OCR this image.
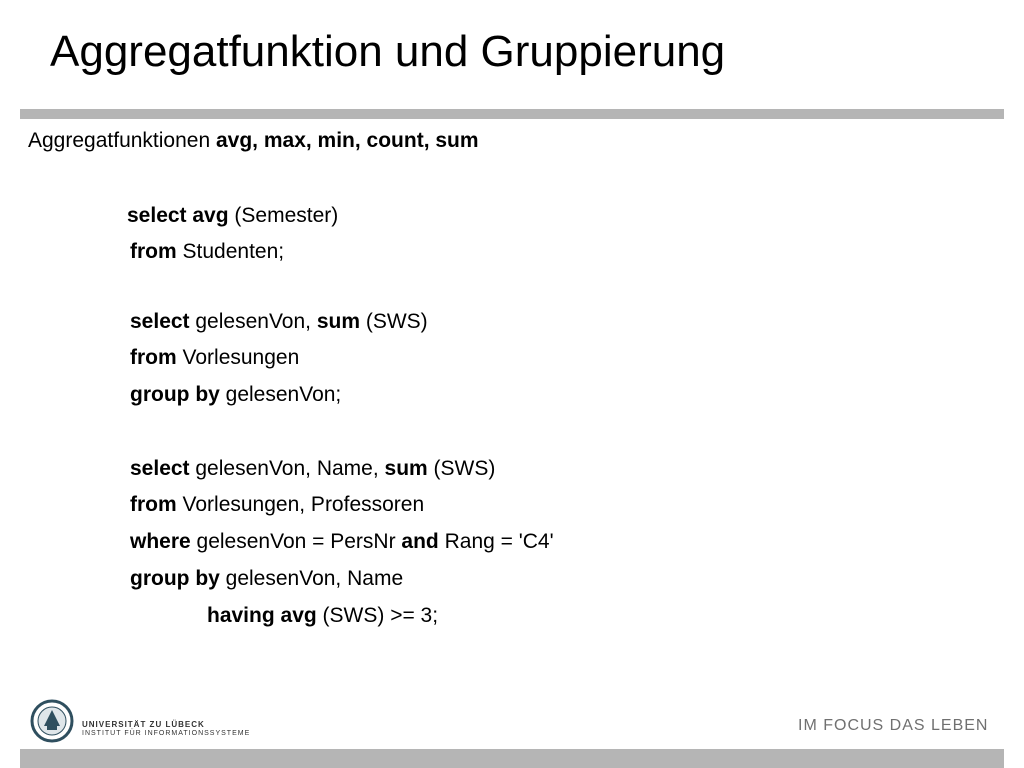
Aggregatfunktion und Gruppierung
Aggregatfunktionen avg, max, min, count, sum
select avg (Semester)
from Studenten;
select gelesenVon, sum (SWS)
from Vorlesungen
group by gelesenVon;
select gelesenVon, Name, sum (SWS)
from Vorlesungen, Professoren
where gelesenVon = PersNr and Rang = 'C4'
group by gelesenVon, Name
having avg (SWS) >= 3;
UNIVERSITÄT ZU LÜBECK
INSTITUT FÜR INFORMATIONSSYSTEME	IM FOCUS DAS LEBEN
